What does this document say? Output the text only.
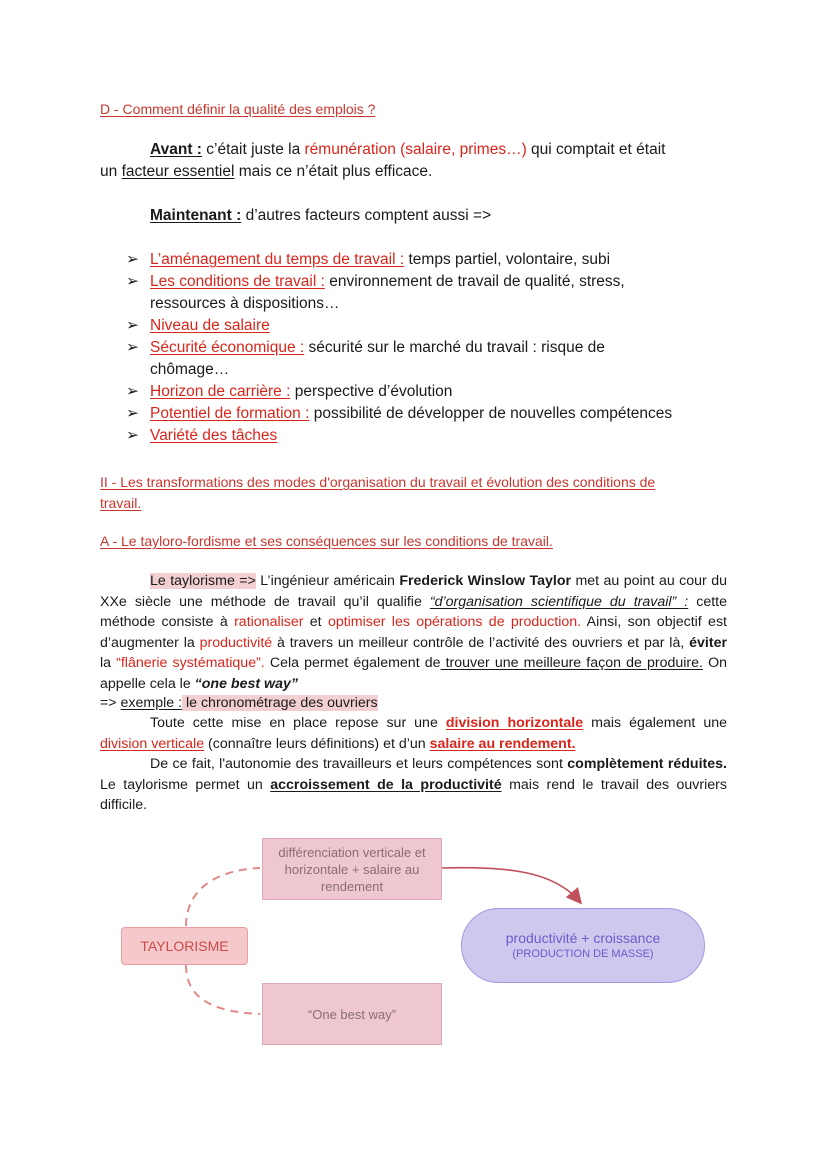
D - Comment définir la qualité des emplois ?
Avant : c’était juste la rémunération (salaire, primes…) qui comptait et était
un facteur essentiel mais ce n’était plus efficace.
Maintenant : d’autres facteurs comptent aussi =>
➢ L’aménagement du temps de travail : temps partiel, volontaire, subi
➢ Les conditions de travail : environnement de travail de qualité, stress,
ressources à dispositions…
➢ Niveau de salaire
➢ Sécurité économique : sécurité sur le marché du travail : risque de
chômage…
➢ Horizon de carrière : perspective d’évolution
➢ Potentiel de formation : possibilité de développer de nouvelles compétences
➢ Variété des tâches
II - Les transformations des modes d'organisation du travail et évolution des conditions de
travail.
A - Le tayloro-fordisme et ses conséquences sur les conditions de travail.
Le taylorisme => L’ingénieur américain Frederick Winslow Taylor met au point au cour du XXe siècle une méthode de travail qu’il qualifie “d’organisation scientifique du travail” : cette méthode consiste à rationaliser et optimiser les opérations de production. Ainsi, son objectif est d’augmenter la productivité à travers un meilleur contrôle de l’activité des ouvriers et par là, éviter la “flânerie systématique”. Cela permet également de trouver une meilleure façon de produire. On appelle cela le “one best way”
=> exemple : le chronométrage des ouvriers
Toute cette mise en place repose sur une division horizontale mais également une division verticale (connaître leurs définitions) et d’un salaire au rendement.
De ce fait, l'autonomie des travailleurs et leurs compétences sont complètement réduites. Le taylorisme permet un accroissement de la productivité mais rend le travail des ouvriers difficile.
TAYLORISME
différenciation verticale et horizontale + salaire au rendement
“One best way”
productivité + croissance
(PRODUCTION DE MASSE)
